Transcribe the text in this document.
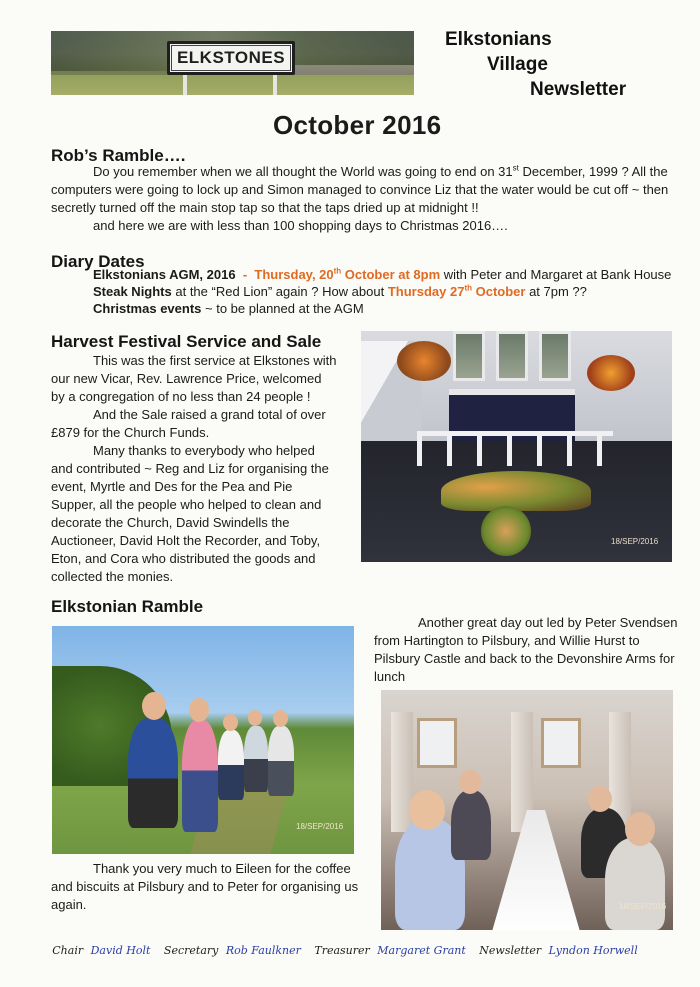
ELKSTONES
Elkstonians
Village
Newsletter
October 2016
Rob’s Ramble….
Do you remember when we all thought the World was going to end on 31st December, 1999 ? All the
computers were going to lock up and Simon managed to convince Liz that the water would be cut off ~ then
secretly turned off the main stop tap so that the taps dried up at midnight !!
and here we are with less than 100 shopping days to Christmas 2016….
Diary Dates
Elkstonians AGM, 2016 - Thursday, 20th October at 8pm with Peter and Margaret at Bank House
Steak Nights at the “Red Lion” again ? How about Thursday 27th October at 7pm ??
Christmas events ~ to be planned at the AGM
Harvest Festival Service and Sale
This was the first service at Elkstones with
our new Vicar, Rev. Lawrence Price, welcomed
by a congregation of no less than 24 people !
And the Sale raised a grand total of over
£879 for the Church Funds.
Many thanks to everybody who helped
and contributed ~ Reg and Liz for organising the
event, Myrtle and Des for the Pea and Pie
Supper, all the people who helped to clean and
decorate the Church, David Swindells the
Auctioneer, David Holt the Recorder, and Toby,
Eton, and Cora who distributed the goods and
collected the monies.
18/SEP/2016
Elkstonian Ramble
Another great day out led by Peter Svendsen
from Hartington to Pilsbury, and Willie Hurst to
Pilsbury Castle and back to the Devonshire Arms for
lunch
18/SEP/2016
18/SEP/2016
Thank you very much to Eileen for the coffee
and biscuits at Pilsbury and to Peter for organising us
again.
Chair David Holt Secretary Rob Faulkner Treasurer Margaret Grant Newsletter Lyndon Horwell
